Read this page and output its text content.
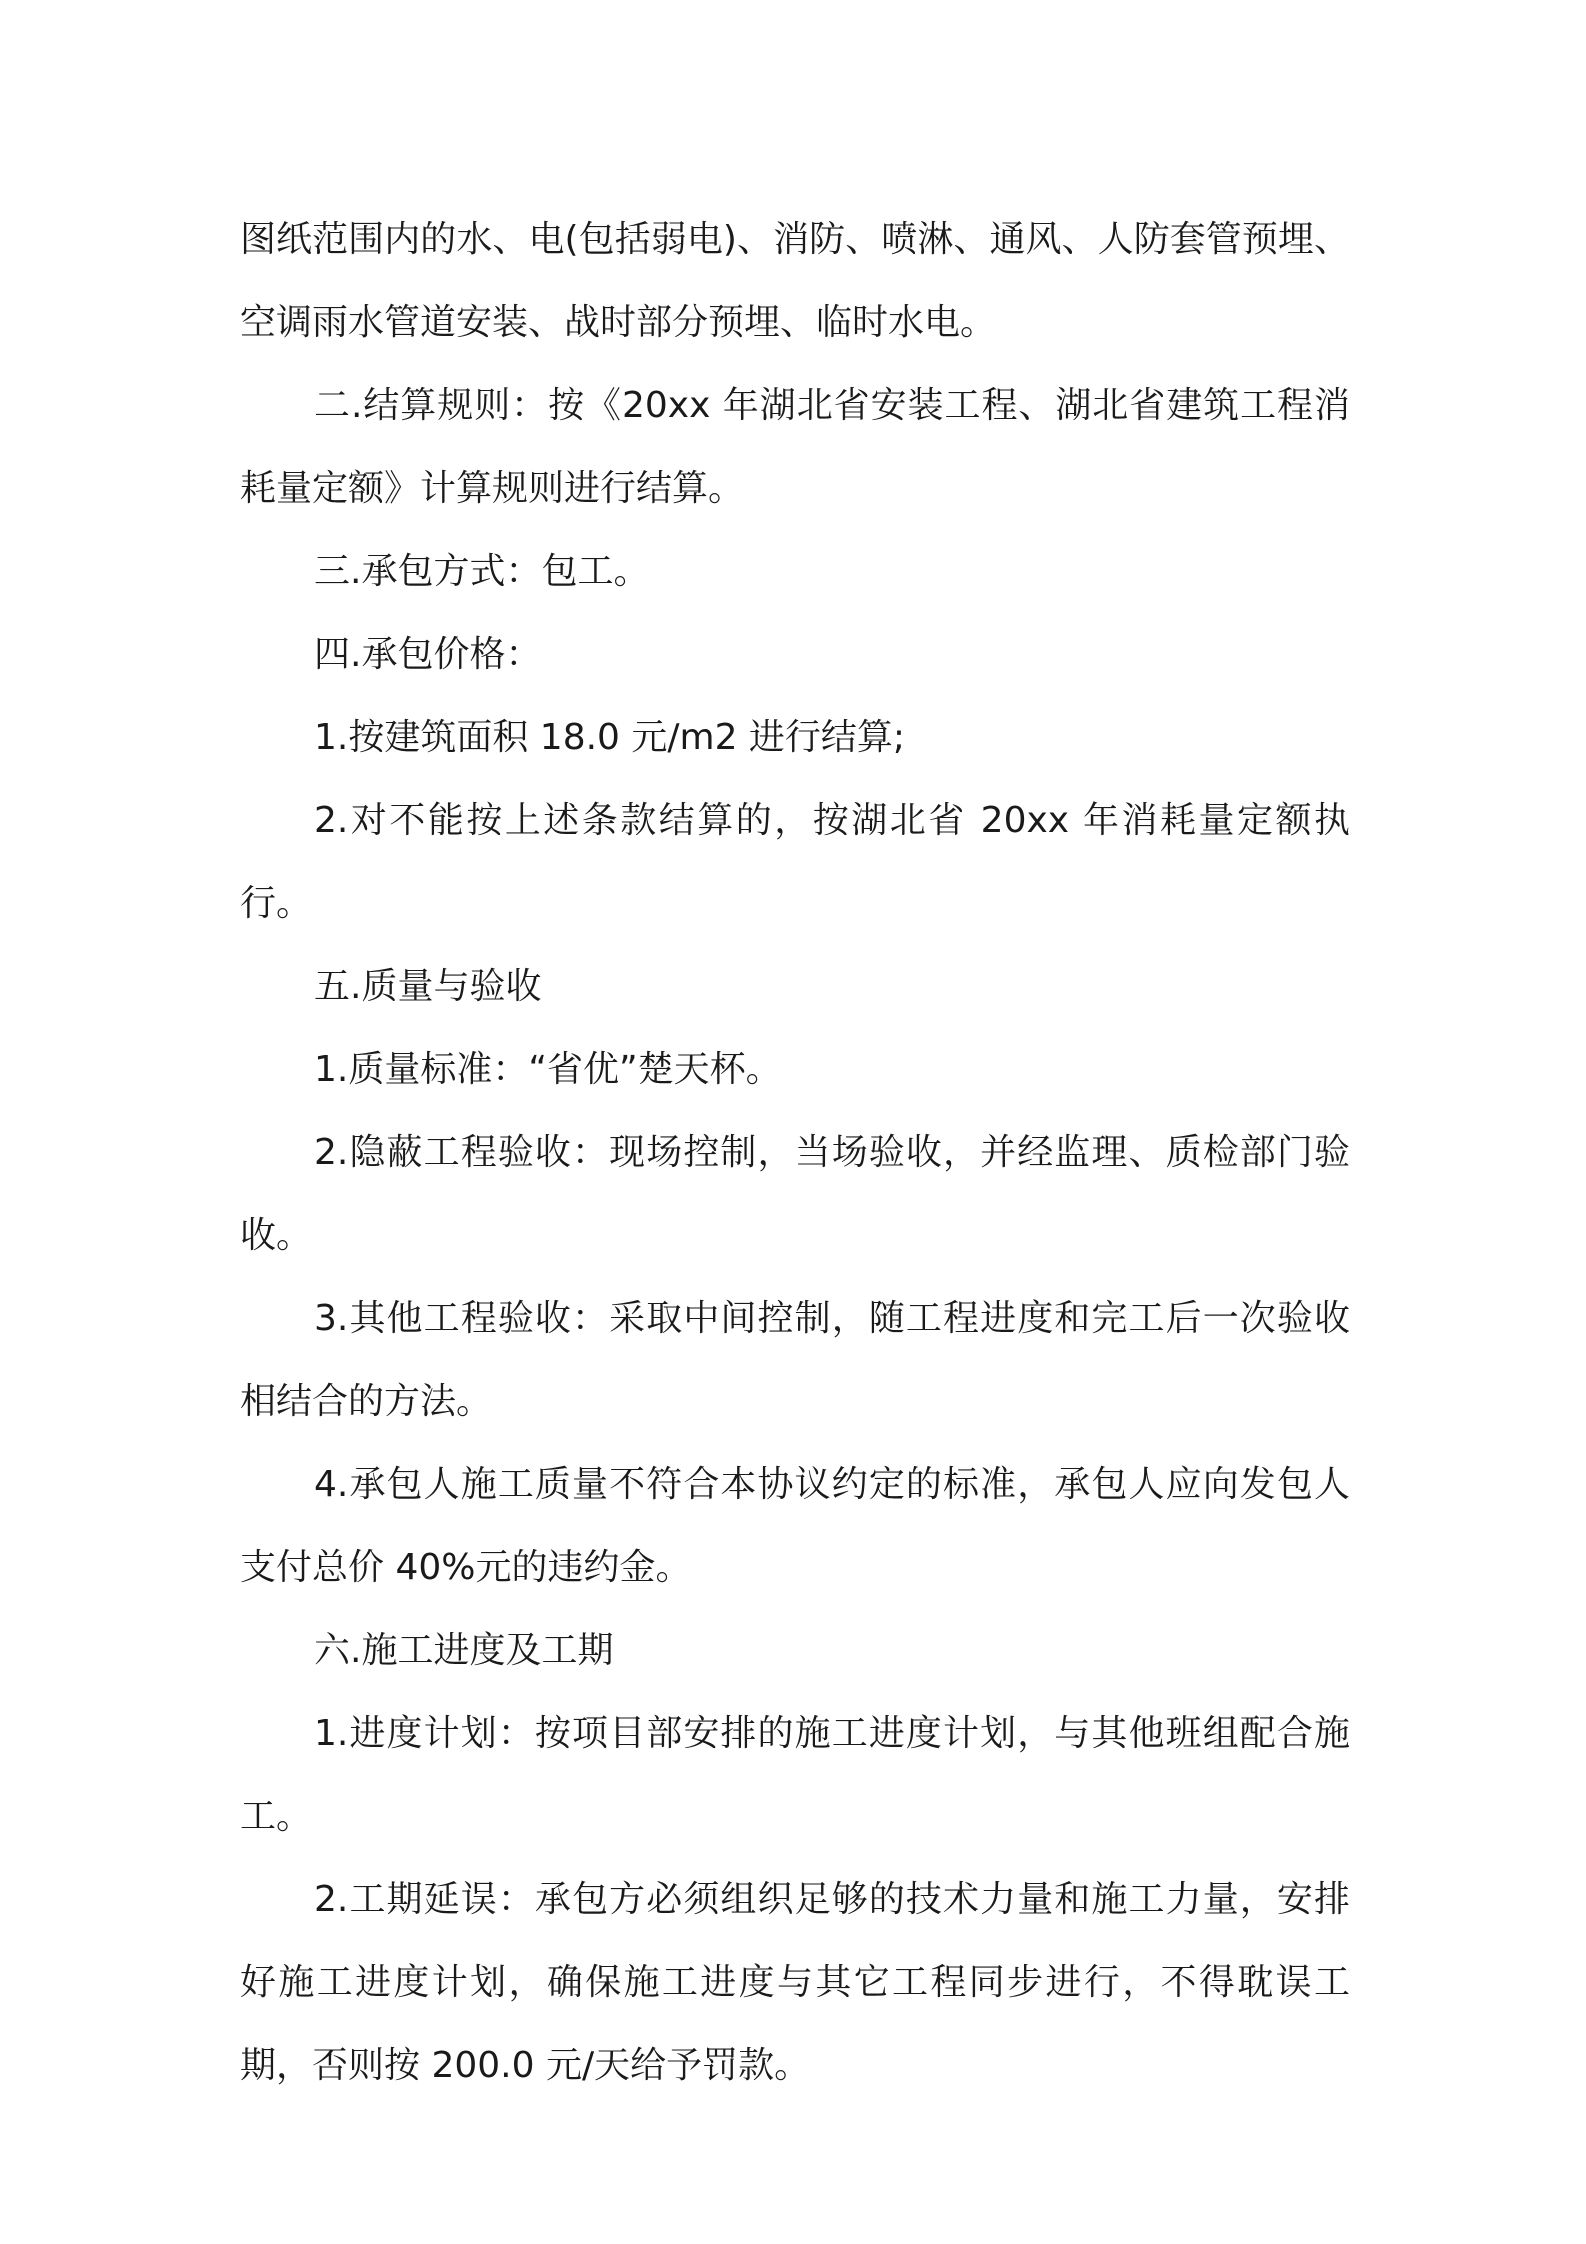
图纸范围内的水、电(包括弱电)、消防、喷淋、通风、人防套管预埋、空调雨水管道安装、战时部分预埋、临时水电。

二.结算规则：按《20xx 年湖北省安装工程、湖北省建筑工程消耗量定额》计算规则进行结算。

三.承包方式：包工。

四.承包价格：

1.按建筑面积 18.0 元/m2 进行结算;

2.对不能按上述条款结算的，按湖北省 20xx 年消耗量定额执行。

五.质量与验收

1.质量标准：“省优”楚天杯。

2.隐蔽工程验收：现场控制，当场验收，并经监理、质检部门验收。

3.其他工程验收：采取中间控制，随工程进度和完工后一次验收相结合的方法。

4.承包人施工质量不符合本协议约定的标准，承包人应向发包人支付总价 40%元的违约金。

六.施工进度及工期

1.进度计划：按项目部安排的施工进度计划，与其他班组配合施工。

2.工期延误：承包方必须组织足够的技术力量和施工力量，安排好施工进度计划，确保施工进度与其它工程同步进行，不得耽误工期，否则按 200.0 元/天给予罚款。
